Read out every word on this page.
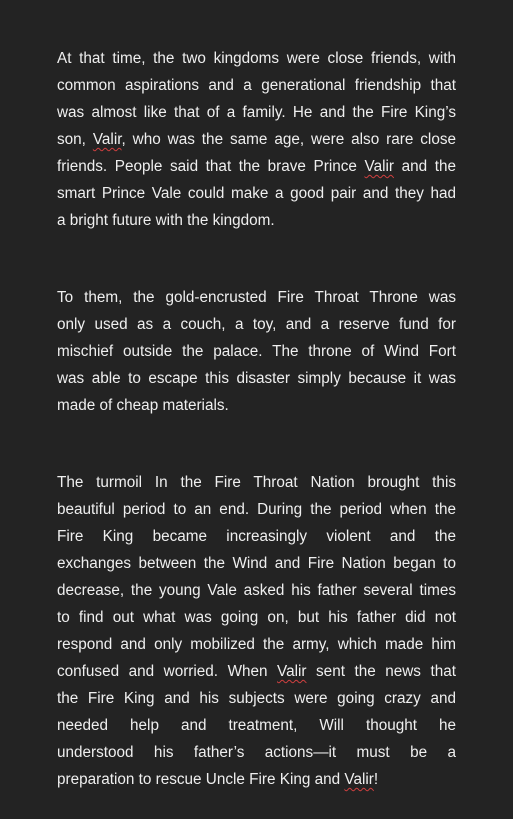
At that time, the two kingdoms were close friends, with
common aspirations and a generational friendship that
was almost like that of a family. He and the Fire King’s
son, Valir, who was the same age, were also rare close
friends. People said that the brave Prince Valir and the
smart Prince Vale could make a good pair and they had
a bright future with the kingdom.

To them, the gold-encrusted Fire Throat Throne was
only used as a couch, a toy, and a reserve fund for
mischief outside the palace. The throne of Wind Fort
was able to escape this disaster simply because it was
made of cheap materials.

The turmoil In the Fire Throat Nation brought this
beautiful period to an end. During the period when the
Fire King became increasingly violent and the
exchanges between the Wind and Fire Nation began to
decrease, the young Vale asked his father several times
to find out what was going on, but his father did not
respond and only mobilized the army, which made him
confused and worried. When Valir sent the news that
the Fire King and his subjects were going crazy and
needed help and treatment, Will thought he
understood his father’s actions—it must be a
preparation to rescue Uncle Fire King and Valir!
